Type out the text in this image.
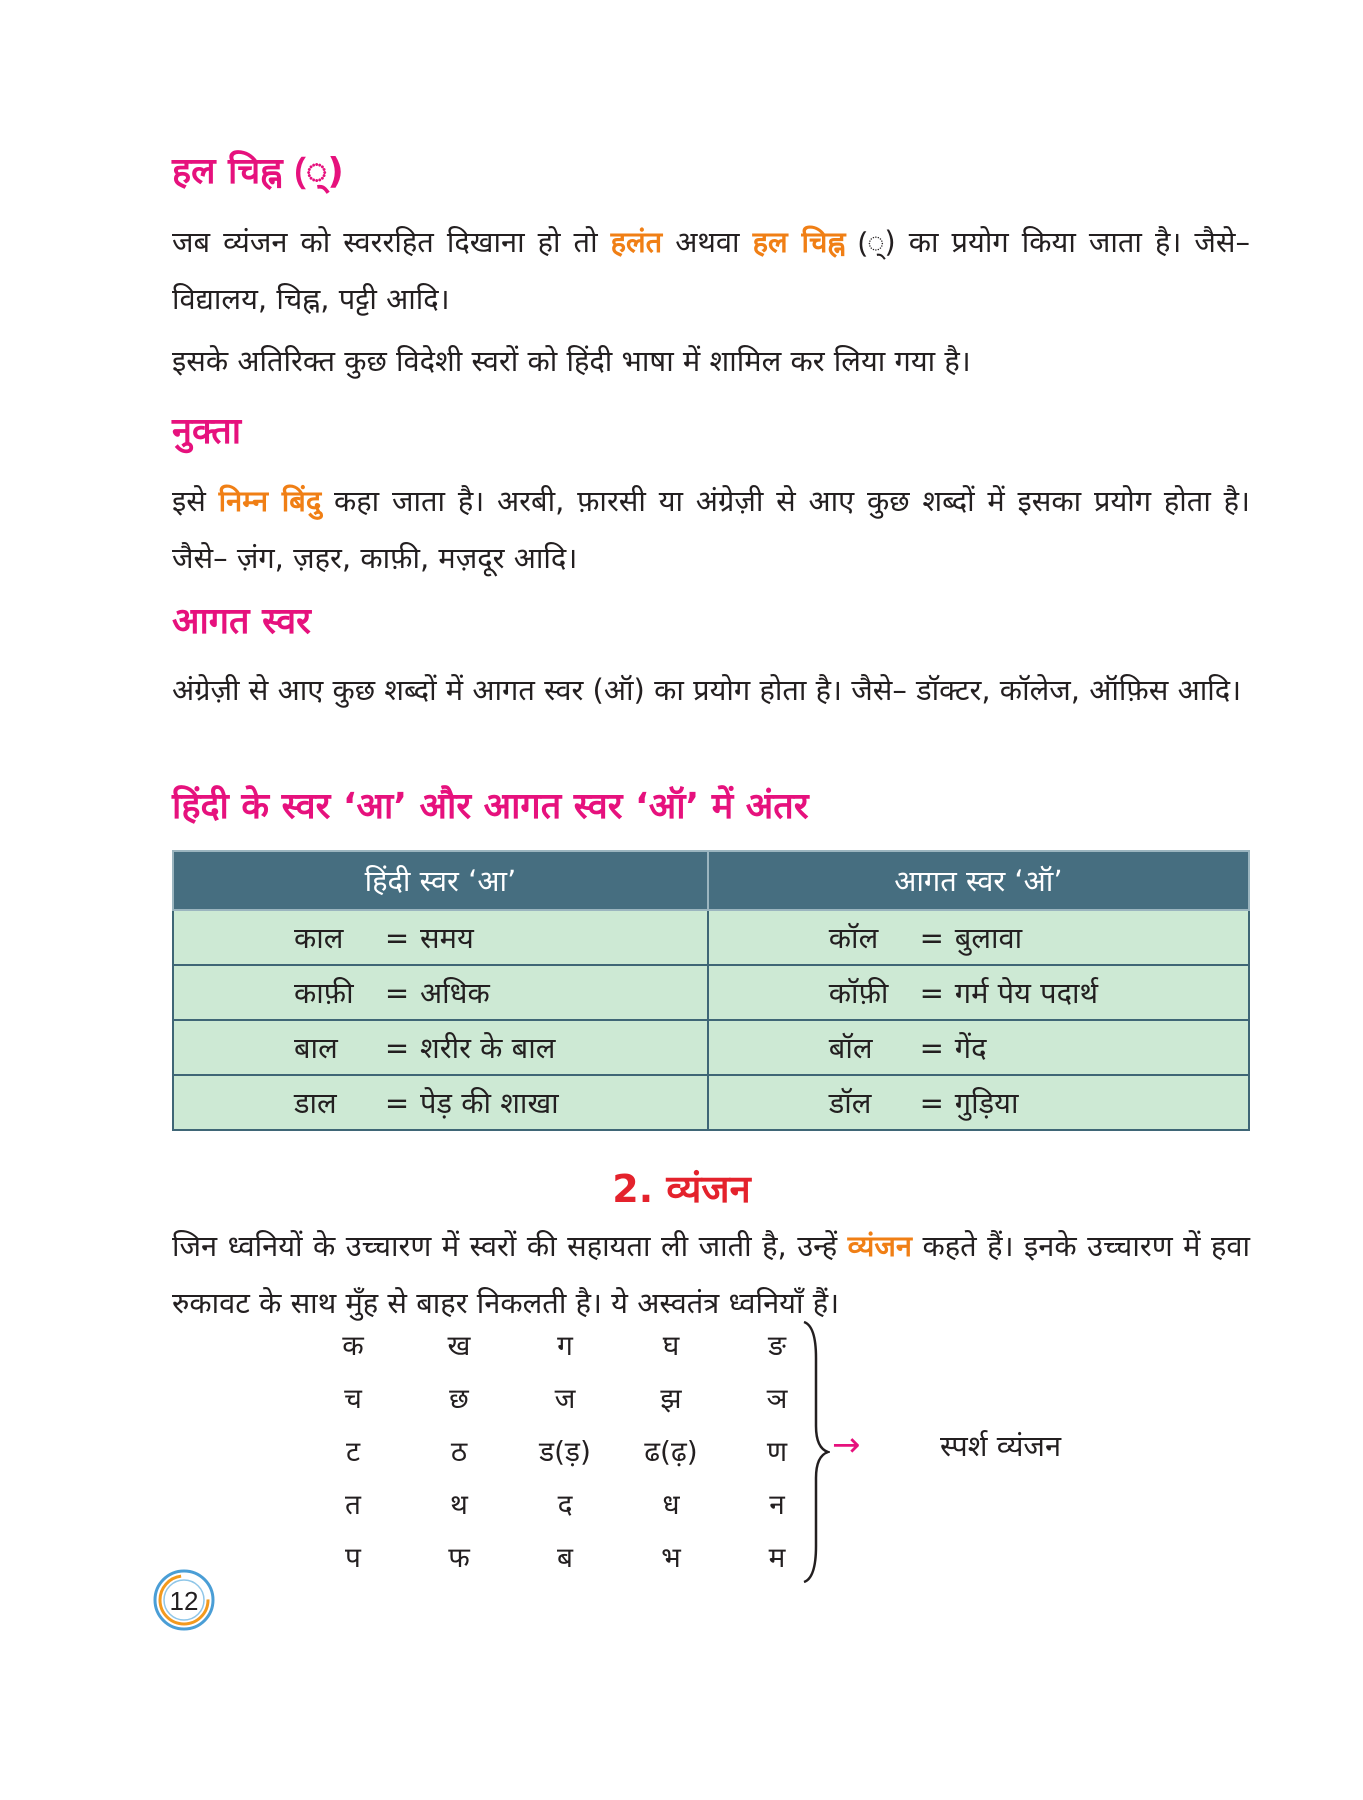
हल चिह्न (्)
जब व्यंजन को स्वररहित दिखाना हो तो हलंत अथवा हल चिह्न (्) का प्रयोग किया जाता है। जैसे– विद्यालय, चिह्न, पट्टी आदि।
इसके अतिरिक्त कुछ विदेशी स्वरों को हिंदी भाषा में शामिल कर लिया गया है।
नुक्ता
इसे निम्न बिंदु कहा जाता है। अरबी, फ़ारसी या अंग्रेज़ी से आए कुछ शब्दों में इसका प्रयोग होता है। जैसे– ज़ंग, ज़हर, काफ़ी, मज़दूर आदि।
आगत स्वर
अंग्रेज़ी से आए कुछ शब्दों में आगत स्वर (ऑ) का प्रयोग होता है। जैसे– डॉक्टर, कॉलेज, ऑफ़िस आदि।
हिंदी के स्वर ‘आ’ और आगत स्वर ‘ऑ’ में अंतर
हिंदी स्वर ‘आ’	आगत स्वर ‘ऑ’

काल = समय	कॉल = बुलावा

काफ़ी = अधिक	कॉफ़ी = गर्म पेय पदार्थ

बाल = शरीर के बाल	बॉल = गेंद

डाल = पेड़ की शाखा	डॉल = गुड़िया
2. व्यंजन
जिन ध्वनियों के उच्चारण में स्वरों की सहायता ली जाती है, उन्हें व्यंजन कहते हैं। इनके उच्चारण में हवा रुकावट के साथ मुँह से बाहर निकलती है। ये अस्वतंत्र ध्वनियाँ हैं।
क	ख	ग	घ	ङ
च	छ	ज	झ	ञ
ट	ठ	ड(ड़)	ढ(ढ़)	ण
त	थ	द	ध	न
प	फ	ब	भ	म
→	स्पर्श व्यंजन
12
